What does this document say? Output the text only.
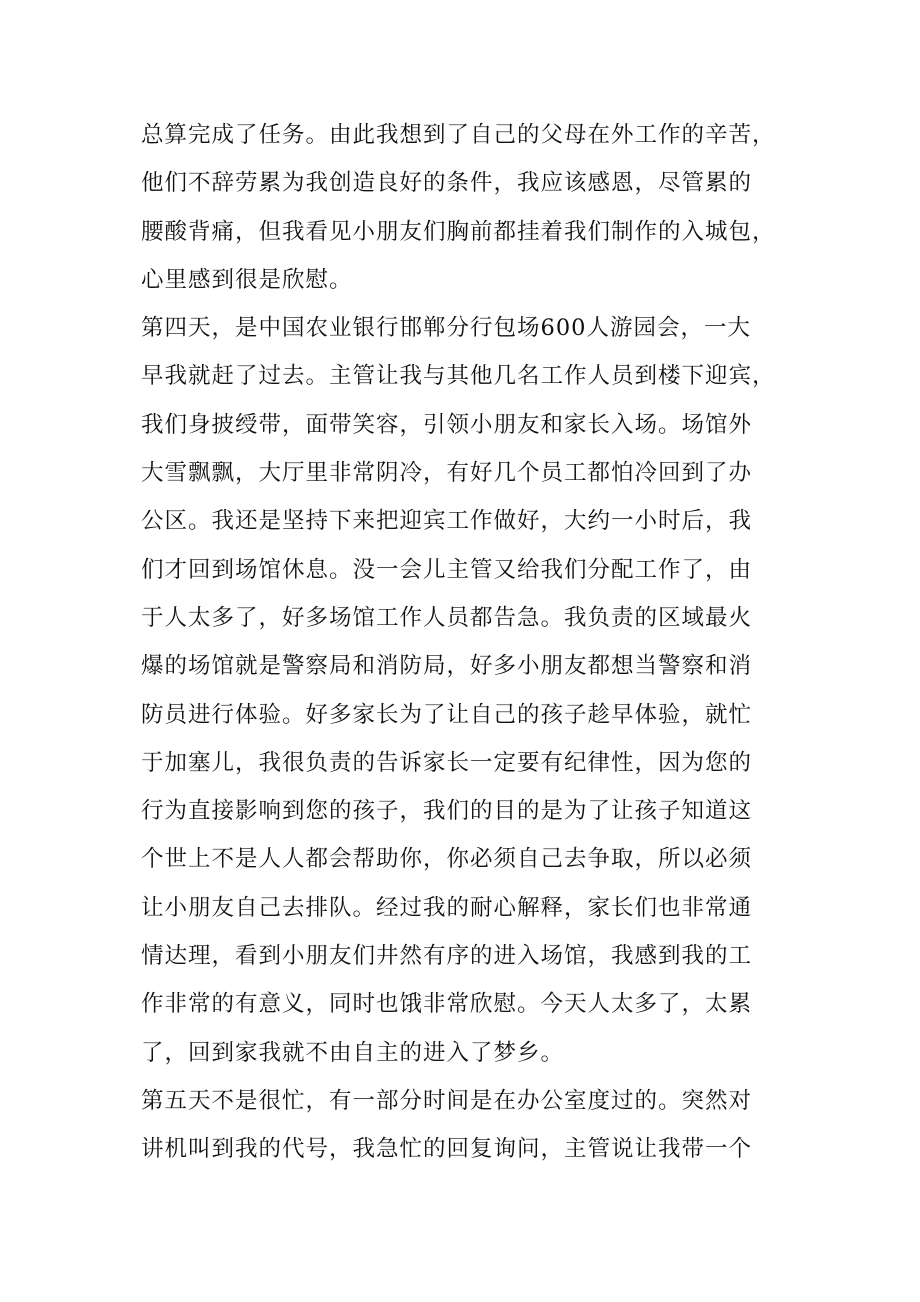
总算完成了任务。由此我想到了自己的父母在外工作的辛苦，
他们不辞劳累为我创造良好的条件，我应该感恩，尽管累的
腰酸背痛，但我看见小朋友们胸前都挂着我们制作的入城包，
心里感到很是欣慰。
第四天，是中国农业银行邯郸分行包场600人游园会，一大
早我就赶了过去。主管让我与其他几名工作人员到楼下迎宾，
我们身披绶带，面带笑容，引领小朋友和家长入场。场馆外
大雪飘飘，大厅里非常阴冷，有好几个员工都怕冷回到了办
公区。我还是坚持下来把迎宾工作做好，大约一小时后，我
们才回到场馆休息。没一会儿主管又给我们分配工作了，由
于人太多了，好多场馆工作人员都告急。我负责的区域最火
爆的场馆就是警察局和消防局，好多小朋友都想当警察和消
防员进行体验。好多家长为了让自己的孩子趁早体验，就忙
于加塞儿，我很负责的告诉家长一定要有纪律性，因为您的
行为直接影响到您的孩子，我们的目的是为了让孩子知道这
个世上不是人人都会帮助你，你必须自己去争取，所以必须
让小朋友自己去排队。经过我的耐心解释，家长们也非常通
情达理，看到小朋友们井然有序的进入场馆，我感到我的工
作非常的有意义，同时也饿非常欣慰。今天人太多了，太累
了，回到家我就不由自主的进入了梦乡。
第五天不是很忙，有一部分时间是在办公室度过的。突然对
讲机叫到我的代号，我急忙的回复询问，主管说让我带一个
